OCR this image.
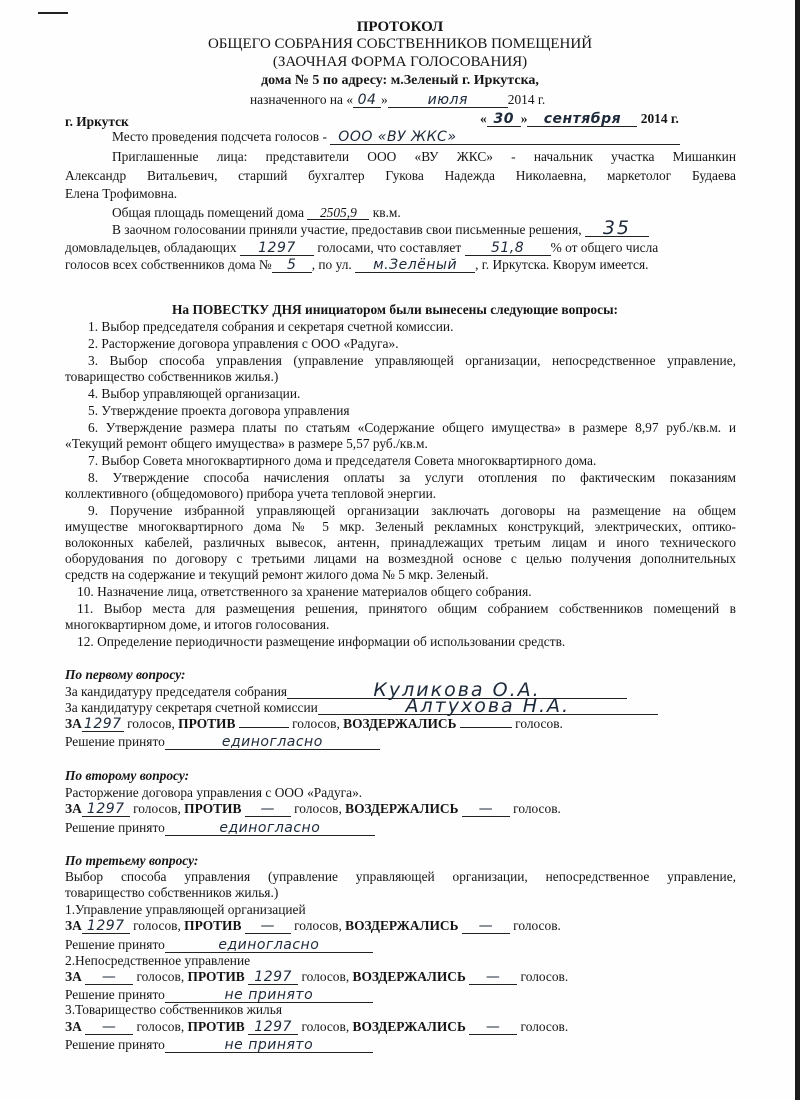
ПРОТОКОЛ
ОБЩЕГО СОБРАНИЯ СОБСТВЕННИКОВ ПОМЕЩЕНИЙ
(ЗАОЧНАЯ ФОРМА ГОЛОСОВАНИЯ)
дома № 5 по адресу: м.Зеленый г. Иркутска,
назначенного на « 04 »	июля	2014 г.
г. Иркутск	« 30 » сентября 2014 г.
Место проведения подсчета голосов - ООО «ВУ ЖКС»
Приглашенные лица: представители ООО «ВУ ЖКС» - начальник участка Мишанкин
Александр Витальевич, старший бухгалтер Гукова Надежда Николаевна, маркетолог Будаева
Елена Трофимовна.
Общая площадь помещений дома 2505,9 кв.м.
В заочном голосовании приняли участие, предоставив свои письменные решения, 35
домовладельцев, обладающих 1297 голосами, что составляет 51,8 % от общего числа
голосов всех собственников дома № 5 , по ул. м.Зелёный , г. Иркутска. Кворум имеется.
На ПОВЕСТКУ ДНЯ инициатором были вынесены следующие вопросы:
1. Выбор председателя собрания и секретаря счетной комиссии.
2. Расторжение договора управления с ООО «Радуга».
3. Выбор способа управления (управление управляющей организации, непосредственное управление,
товарищество собственников жилья.)
4. Выбор управляющей организации.
5. Утверждение проекта договора управления
6. Утверждение размера платы по статьям «Содержание общего имущества» в размере 8,97 руб./кв.м. и
«Текущий ремонт общего имущества» в размере 5,57 руб./кв.м.
7. Выбор Совета многоквартирного дома и председателя Совета многоквартирного дома.
8. Утверждение способа начисления оплаты за услуги отопления по фактическим показаниям
коллективного (общедомового) прибора учета тепловой энергии.
9. Поручение избранной управляющей организации заключать договоры на размещение на общем
имуществе многоквартирного дома № 5 мкр. Зеленый рекламных конструкций, электрических, оптико-
волоконных кабелей, различных вывесок, антенн, принадлежащих третьим лицам и иного технического
оборудования по договору с третьими лицами на возмездной основе с целью получения дополнительных
средств на содержание и текущий ремонт жилого дома № 5 мкр. Зеленый.
10. Назначение лица, ответственного за хранение материалов общего собрания.
11. Выбор места для размещения решения, принятого общим собранием собственников помещений в
многоквартирном доме, и итогов голосования.
12. Определение периодичности размещение информации об использовании средств.
По первому вопросу:
За кандидатуру председателя собрания	Куликова О.А.
За кандидатуру секретаря счетной комиссии	Алтухова Н.А.
ЗА 1297 голосов, ПРОТИВ	голосов, ВОЗДЕРЖАЛИСЬ	голосов.
Решение принято	единогласно
По второму вопросу:
Расторжение договора управления с ООО «Радуга».
ЗА 1297 голосов, ПРОТИВ — голосов, ВОЗДЕРЖАЛИСЬ — голосов.
Решение принято	единогласно
По третьему вопросу:
Выбор способа управления (управление управляющей организации, непосредственное управление,
товарищество собственников жилья.)
1.Управление управляющей организацией
ЗА 1297 голосов, ПРОТИВ — голосов, ВОЗДЕРЖАЛИСЬ — голосов.
Решение принято	единогласно
2.Непосредственное управление
ЗА — голосов, ПРОТИВ 1297 голосов, ВОЗДЕРЖАЛИСЬ — голосов.
Решение принято	не принято
3.Товарищество собственников жилья
ЗА — голосов, ПРОТИВ 1297 голосов, ВОЗДЕРЖАЛИСЬ — голосов.
Решение принято	не принято
